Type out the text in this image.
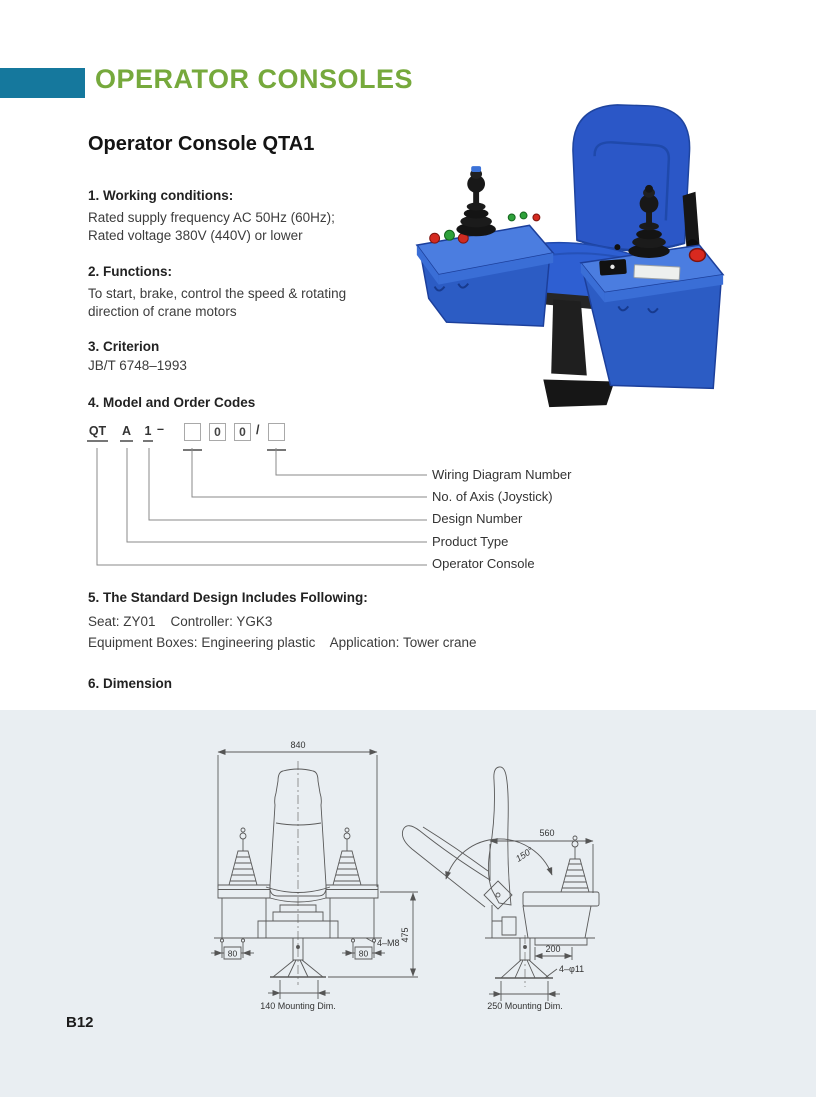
OPERATOR CONSOLES
Operator Console QTA1
1. Working conditions:
Rated supply frequency AC 50Hz (60Hz);
Rated voltage 380V (440V) or lower
2. Functions:
To start, brake, control the speed & rotating
direction of crane motors
3. Criterion
JB/T 6748–1993
4. Model and Order Codes
QT A 1 –	0	0 /
Wiring Diagram Number
No. of Axis (Joystick)
Design Number
Product Type
Operator Console
5. The Standard Design Includes Following:
Seat: ZY01    Controller: YGK3
Equipment Boxes: Engineering plastic    Application: Tower crane
6. Dimension
840
475
80	80
4–M8
140 Mounting Dim.
560
150°
200
4–φ11
250 Mounting Dim.
B12
